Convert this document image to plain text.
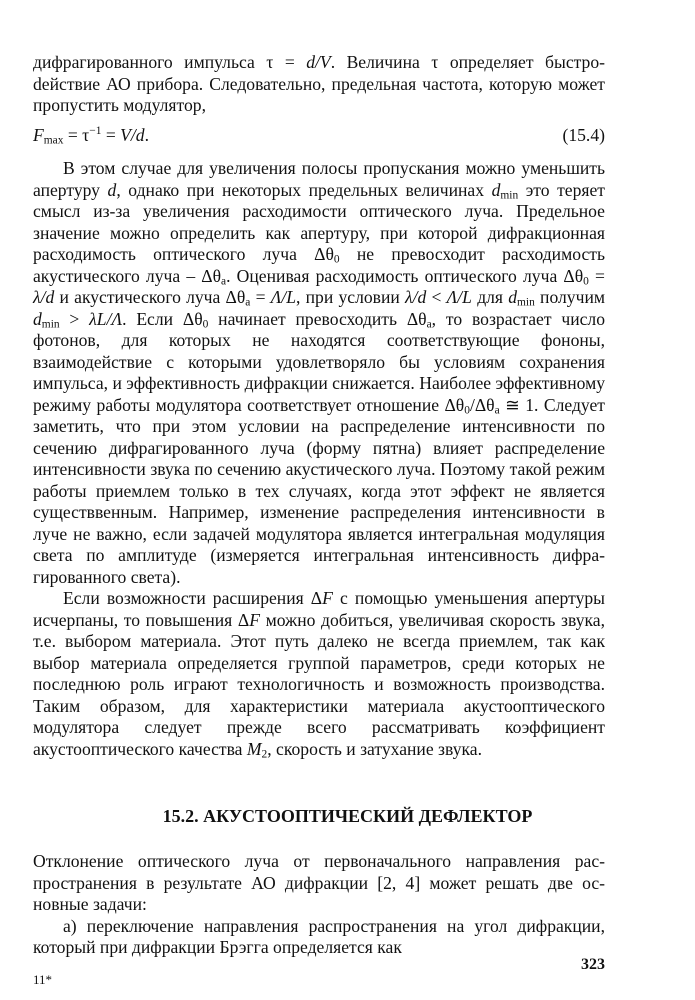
дифрагированного импульса τ = d/V. Величина τ определяет быстроdействие АО прибора. Следовательно, предельная частота, которую может пропустить модулятор,

$F_{max} = \tau^{-1} = V/d$.	(15.4)

В этом случае для увеличения полосы пропускания можно уменьшить апертуру d, однако при некоторых предельных величинах $d_{min}$ это теряет смысл из-за увеличения расходимости оптического луча. Предельное значение можно определить как апертуру, при которой дифракционная расходимость оптического луча $\Delta\theta_0$ не превосходит расходимость акустического луча – $\Delta\theta_a$. Оценивая расходимость оптического луча $\Delta\theta_0 = \lambda/d$ и акустического луча $\Delta\theta_a = \Lambda/L$, при условии λ/d < Λ/L для $d_{min}$ получим $d_{min} > \lambda L/\Lambda$. Если $\Delta\theta_0$ начинает превосходить $\Delta\theta_a$, то возрастает число фотонов, для которых не находятся соответствующие фононы, взаимодействие с которыми удовлетворяло бы условиям сохранения импульса, и эффективность дифракции снижается. Наиболее эффективному режиму работы модулятора соответствует отношение $\Delta\theta_0/\Delta\theta_a$ ≅ 1. Следует заметить, что при этом условии на распределение интенсивности по сечению дифрагированного луча (форму пятна) влияет распределение интенсивности звука по сечению акустического луча. Поэтому такой режим работы приемлем только в тех случаях, когда этот эффект не является существвенным. Например, изменение распределения интенсивности в луче не важно, если задачей модулятора является интегральная модуляция света по амплитуде (измеряется интегральная интенсивность дифрагированного света).

Если возможности расширения ΔF с помощью уменьшения апертуры исчерпаны, то повышения ΔF можно добиться, увеличивая скорость звука, т.е. выбором материала. Этот путь далеко не всегда приемлем, так как выбор материала определяется группой параметров, среди которых не последнюю роль играют технологичность и возможность производства. Таким образом, для характеристики материала акустооптического модулятора следует прежде всего рассматривать коэффициент акустооптического качества $M_2$, скорость и затухание звука.

15.2. АКУСТООПТИЧЕСКИЙ ДЕФЛЕКТОР

Отклонение оптического луча от первоначального направления распространения в результате АО дифракции [2, 4] может решать две основные задачи:

а) переключение направления распространения на угол дифракции, который при дифракции Брэгга определяется как

323
11*
